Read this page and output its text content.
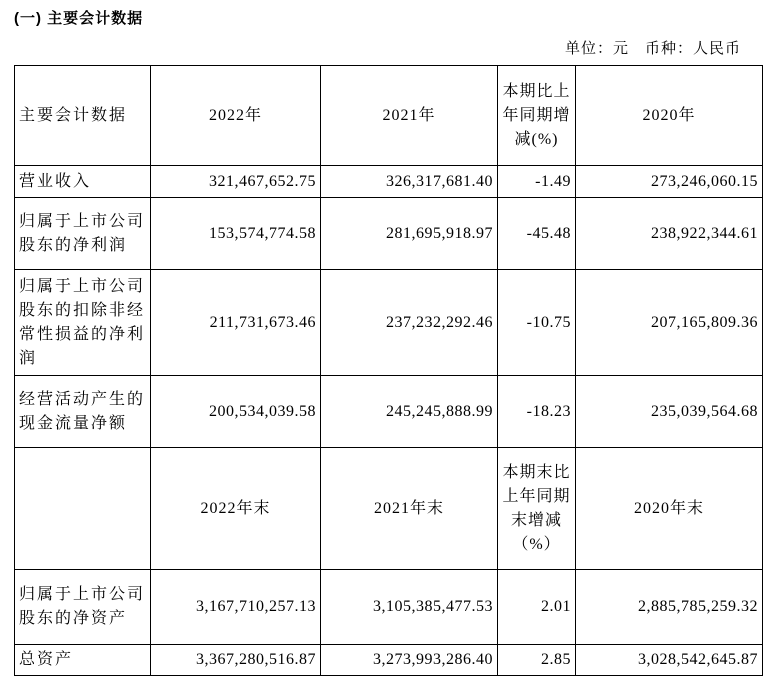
(一) 主要会计数据
单位：元　币种：人民币
主要会计数据	2022年	2021年	本期比上年同期增减(%)	2020年
营业收入	321,467,652.75	326,317,681.40	-1.49	273,246,060.15
归属于上市公司股东的净利润	153,574,774.58	281,695,918.97	-45.48	238,922,344.61
归属于上市公司股东的扣除非经常性损益的净利润	211,731,673.46	237,232,292.46	-10.75	207,165,809.36
经营活动产生的现金流量净额	200,534,039.58	245,245,888.99	-18.23	235,039,564.68
	2022年末	2021年末	本期末比上年同期末增减（%）	2020年末
归属于上市公司股东的净资产	3,167,710,257.13	3,105,385,477.53	2.01	2,885,785,259.32
总资产	3,367,280,516.87	3,273,993,286.40	2.85	3,028,542,645.87
